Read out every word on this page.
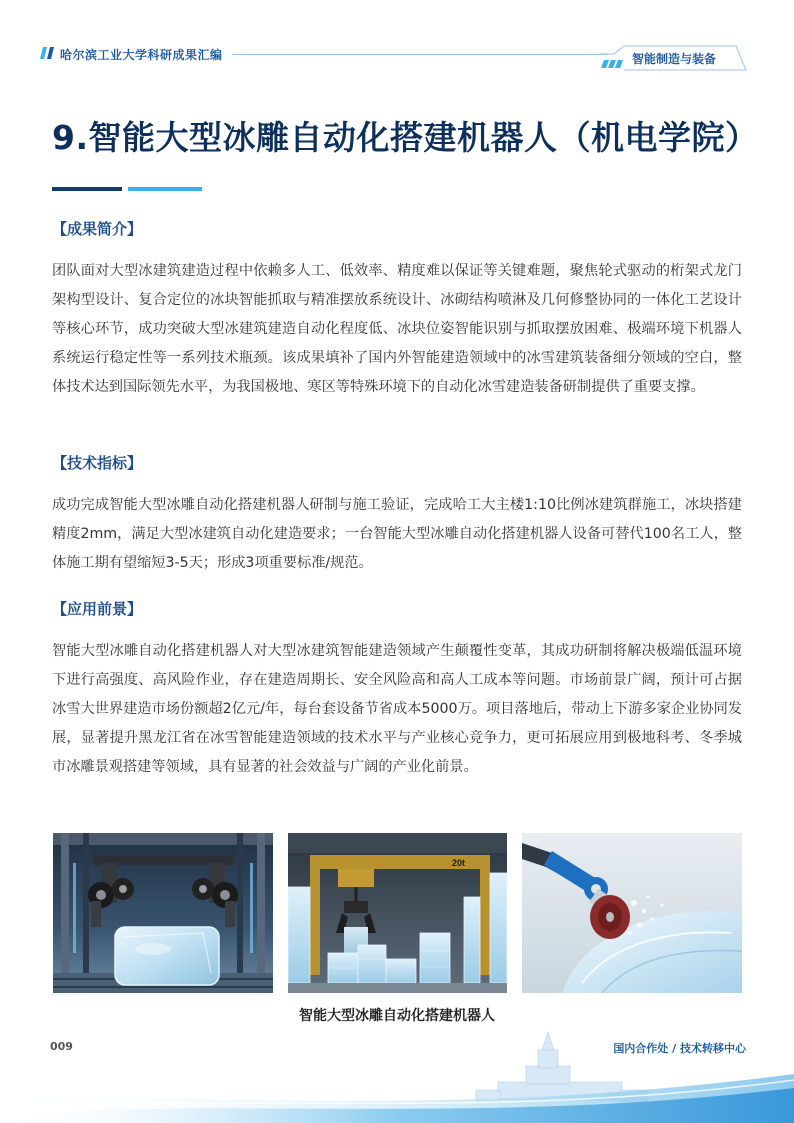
哈尔滨工业大学科研成果汇编	智能制造与装备
9.智能大型冰雕自动化搭建机器人（机电学院）
【成果简介】

团队面对大型冰建筑建造过程中依赖多人工、低效率、精度难以保证等关键难题，聚焦轮式驱动的桁架式龙门架构型设计、复合定位的冰块智能抓取与精准摆放系统设计、冰砌结构喷淋及几何修整协同的一体化工艺设计等核心环节，成功突破大型冰建筑建造自动化程度低、冰块位姿智能识别与抓取摆放困难、极端环境下机器人系统运行稳定性等一系列技术瓶颈。该成果填补了国内外智能建造领域中的冰雪建筑装备细分领域的空白，整体技术达到国际领先水平，为我国极地、寒区等特殊环境下的自动化冰雪建造装备研制提供了重要支撑。

【技术指标】

成功完成智能大型冰雕自动化搭建机器人研制与施工验证，完成哈工大主楼1:10比例冰建筑群施工，冰块搭建精度2mm，满足大型冰建筑自动化建造要求；一台智能大型冰雕自动化搭建机器人设备可替代100名工人，整体施工期有望缩短3-5天；形成3项重要标准/规范。

【应用前景】

智能大型冰雕自动化搭建机器人对大型冰建筑智能建造领域产生颠覆性变革，其成功研制将解决极端低温环境下进行高强度、高风险作业，存在建造周期长、安全风险高和高人工成本等问题。市场前景广阔，预计可占据冰雪大世界建造市场份额超2亿元/年，每台套设备节省成本5000万。项目落地后，带动上下游多家企业协同发展，显著提升黑龙江省在冰雪智能建造领域的技术水平与产业核心竞争力，更可拓展应用到极地科考、冬季城市冰雕景观搭建等领域，具有显著的社会效益与广阔的产业化前景。

20t
智能大型冰雕自动化搭建机器人
009	国内合作处 / 技术转移中心
